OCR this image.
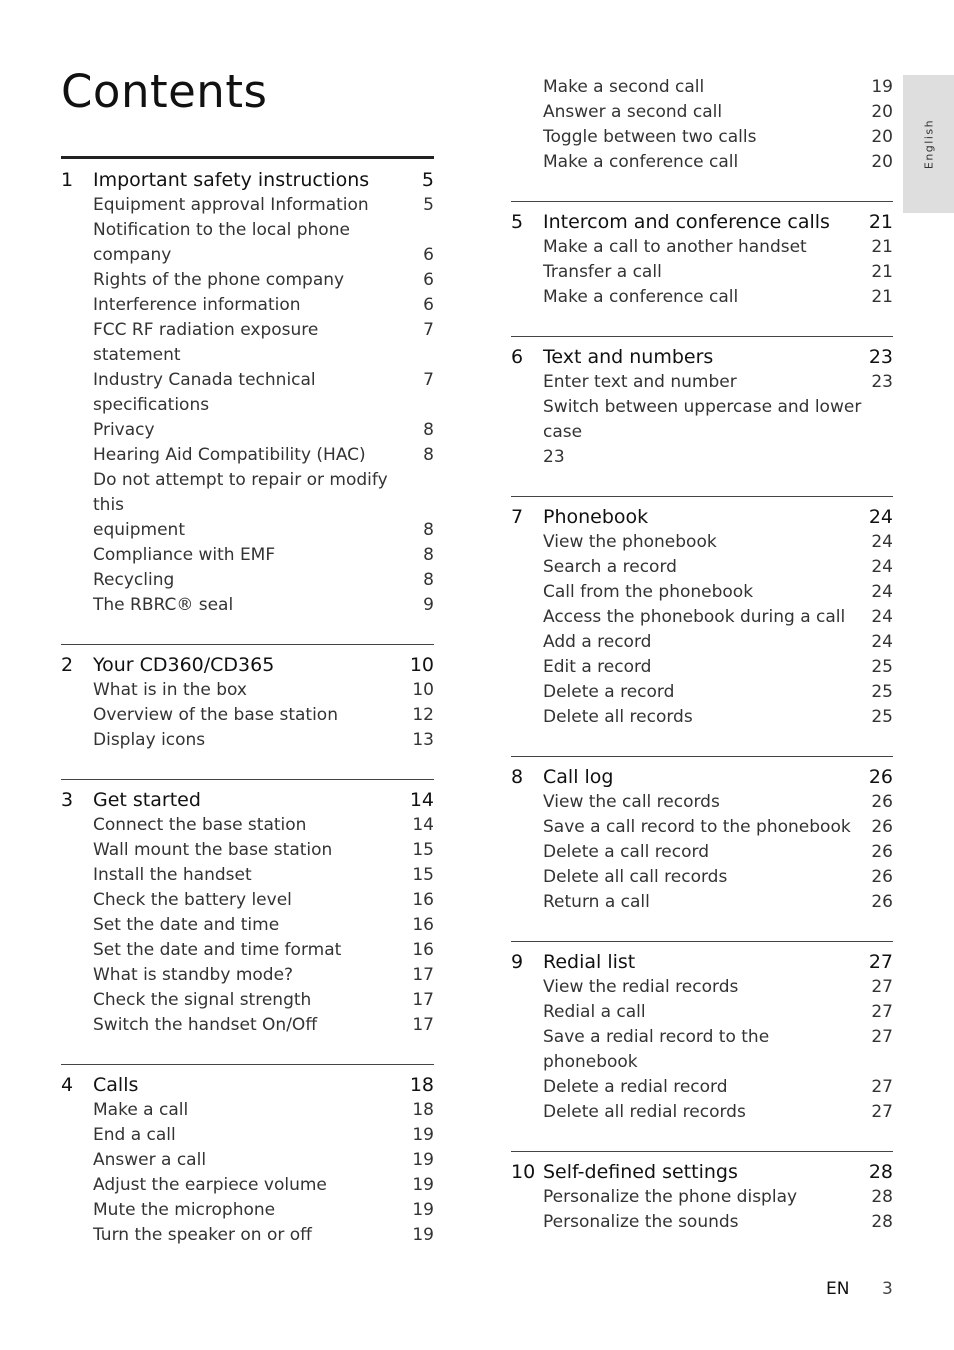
Contents
English
1	Important safety instructions	5
Equipment approval Information	5
Notification to the local phone
company	6
Rights of the phone company	6
Interference information	6
FCC RF radiation exposure statement
7
Industry Canada technical specifications
7
Privacy	8
Hearing Aid Compatibility (HAC)	8
Do not attempt to repair or modify this
equipment	8
Compliance with EMF	8
Recycling	8
The RBRC® seal	9
2	Your CD360/CD365	10
What is in the box	10
Overview of the base station	12
Display icons	13
3	Get started	14
Connect the base station	14
Wall mount the base station	15
Install the handset	15
Check the battery level	16
Set the date and time	16
Set the date and time format	16
What is standby mode?	17
Check the signal strength	17
Switch the handset On/Off	17
4	Calls	18
Make a call	18
End a call	19
Answer a call	19
Adjust the earpiece volume	19
Mute the microphone	19
Turn the speaker on or off	19
Make a second call	19
Answer a second call	20
Toggle between two calls	20
Make a conference call	20
5	Intercom and conference calls	21
Make a call to another handset	21
Transfer a call	21
Make a conference call	21
6	Text and numbers	23
Enter text and number	23
Switch between uppercase and lower case
23
7	Phonebook	24
View the phonebook	24
Search a record	24
Call from the phonebook	24
Access the phonebook during a call	24
Add a record	24
Edit a record	25
Delete a record	25
Delete all records	25
8	Call log	26
View the call records	26
Save a call record to the phonebook	26
Delete a call record	26
Delete all call records	26
Return a call	26
9	Redial list	27
View the redial records	27
Redial a call	27
Save a redial record to the phonebook
27
Delete a redial record	27
Delete all redial records	27
10 Self-defined settings	28
Personalize the phone display	28
Personalize the sounds	28
EN 3
